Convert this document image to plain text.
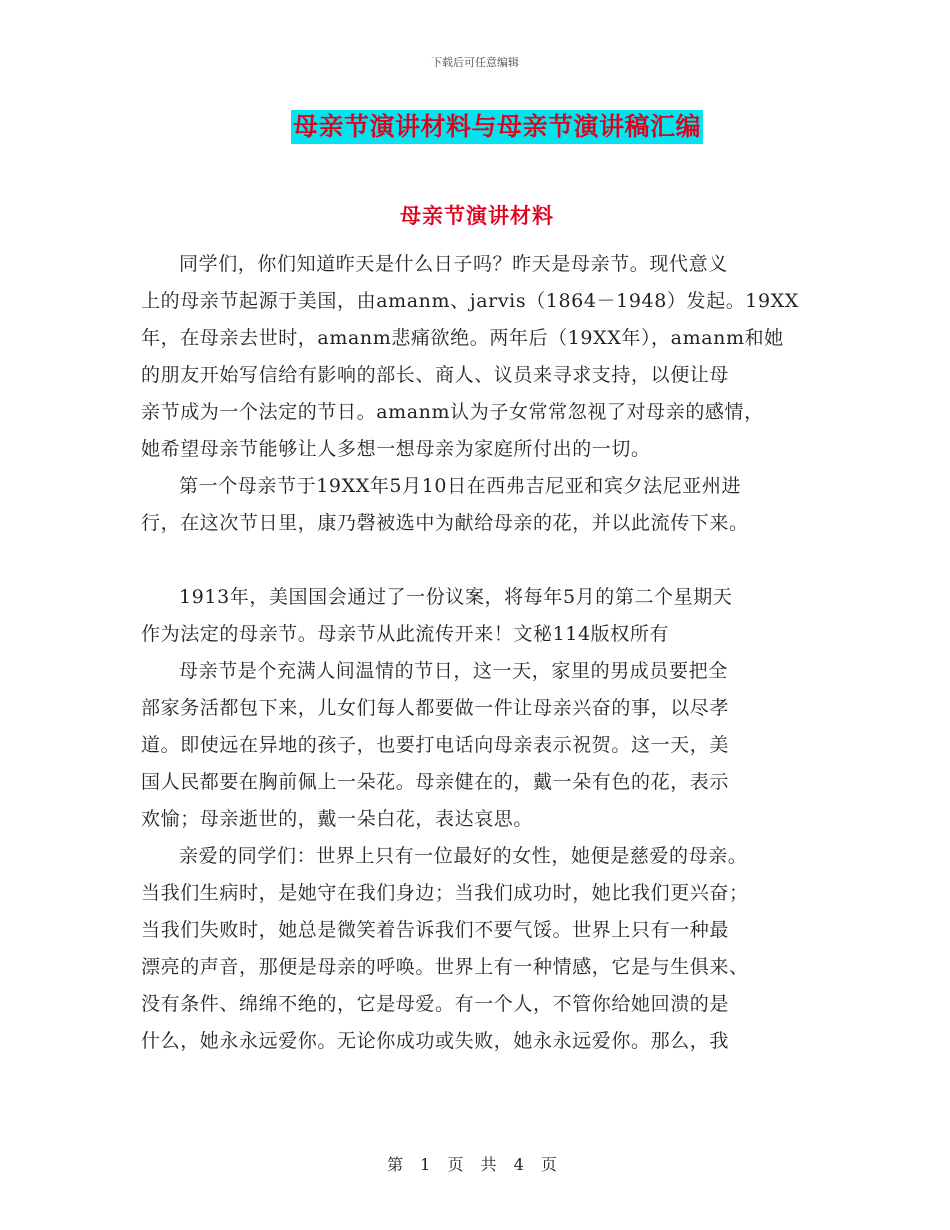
下载后可任意编辑
母亲节演讲材料与母亲节演讲稿汇编
母亲节演讲材料

同学们，你们知道昨天是什么日子吗？昨天是母亲节。现代意义
上的母亲节起源于美国，由amanm、jarvis（1864－1948）发起。19XX
年，在母亲去世时，amanm悲痛欲绝。两年后（19XX年），amanm和她
的朋友开始写信给有影响的部长、商人、议员来寻求支持，以便让母
亲节成为一个法定的节日。amanm认为子女常常忽视了对母亲的感情，
她希望母亲节能够让人多想一想母亲为家庭所付出的一切。

第一个母亲节于19XX年5月10日在西弗吉尼亚和宾夕法尼亚州进
行，在这次节日里，康乃磬被选中为献给母亲的花，并以此流传下来。

1913年，美国国会通过了一份议案，将每年5月的第二个星期天
作为法定的母亲节。母亲节从此流传开来！文秘114版权所有

母亲节是个充满人间温情的节日，这一天，家里的男成员要把全
部家务活都包下来，儿女们每人都要做一件让母亲兴奋的事，以尽孝
道。即使远在异地的孩子，也要打电话向母亲表示祝贺。这一天，美
国人民都要在胸前佩上一朵花。母亲健在的，戴一朵有色的花，表示
欢愉；母亲逝世的，戴一朵白花，表达哀思。

亲爱的同学们：世界上只有一位最好的女性，她便是慈爱的母亲。
当我们生病时，是她守在我们身边；当我们成功时，她比我们更兴奋；
当我们失败时，她总是微笑着告诉我们不要气馁。世界上只有一种最
漂亮的声音，那便是母亲的呼唤。世界上有一种情感，它是与生俱来、
没有条件、绵绵不绝的，它是母爱。有一个人，不管你给她回溃的是
什么，她永永远爱你。无论你成功或失败，她永永远爱你。那么，我

第 1 页 共 4 页
